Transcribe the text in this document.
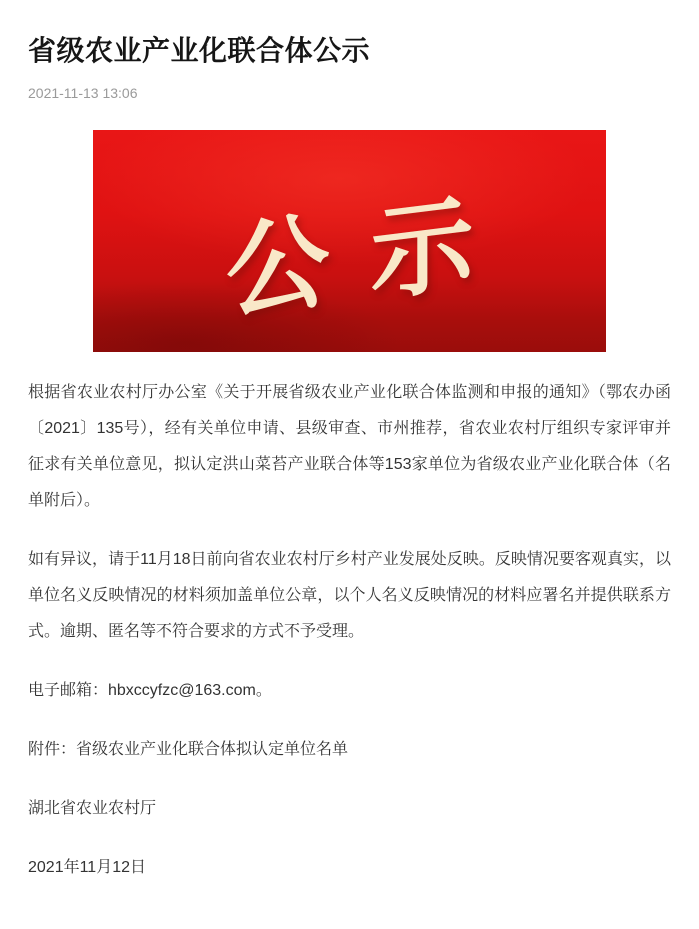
省级农业产业化联合体公示
2021-11-13 13:06
公示

根据省农业农村厅办公室《关于开展省级农业产业化联合体监测和申报的通知》（鄂农办函〔2021〕135号），经有关单位申请、县级审查、市州推荐，省农业农村厅组织专家评审并征求有关单位意见，拟认定洪山菜苔产业联合体等153家单位为省级农业产业化联合体（名单附后）。

如有异议，请于11月18日前向省农业农村厅乡村产业发展处反映。反映情况要客观真实，以单位名义反映情况的材料须加盖单位公章，以个人名义反映情况的材料应署名并提供联系方式。逾期、匿名等不符合要求的方式不予受理。

电子邮箱：hbxccyfzc@163.com。

附件：省级农业产业化联合体拟认定单位名单

湖北省农业农村厅

2021年11月12日
